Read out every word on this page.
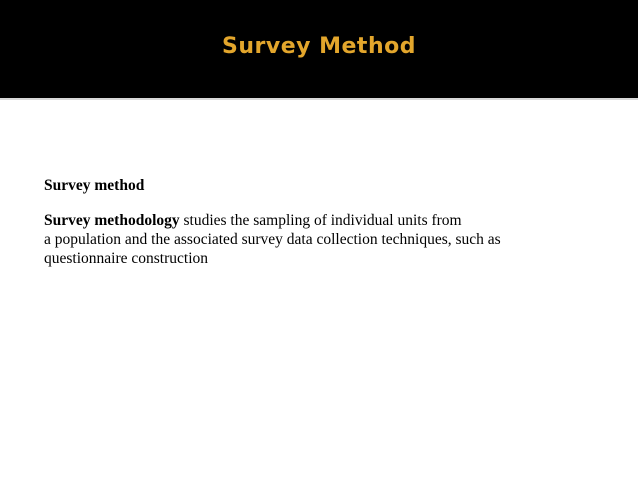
Survey Method

Survey method

Survey methodology studies the sampling of individual units from
a population and the associated survey data collection techniques, such as
questionnaire construction
